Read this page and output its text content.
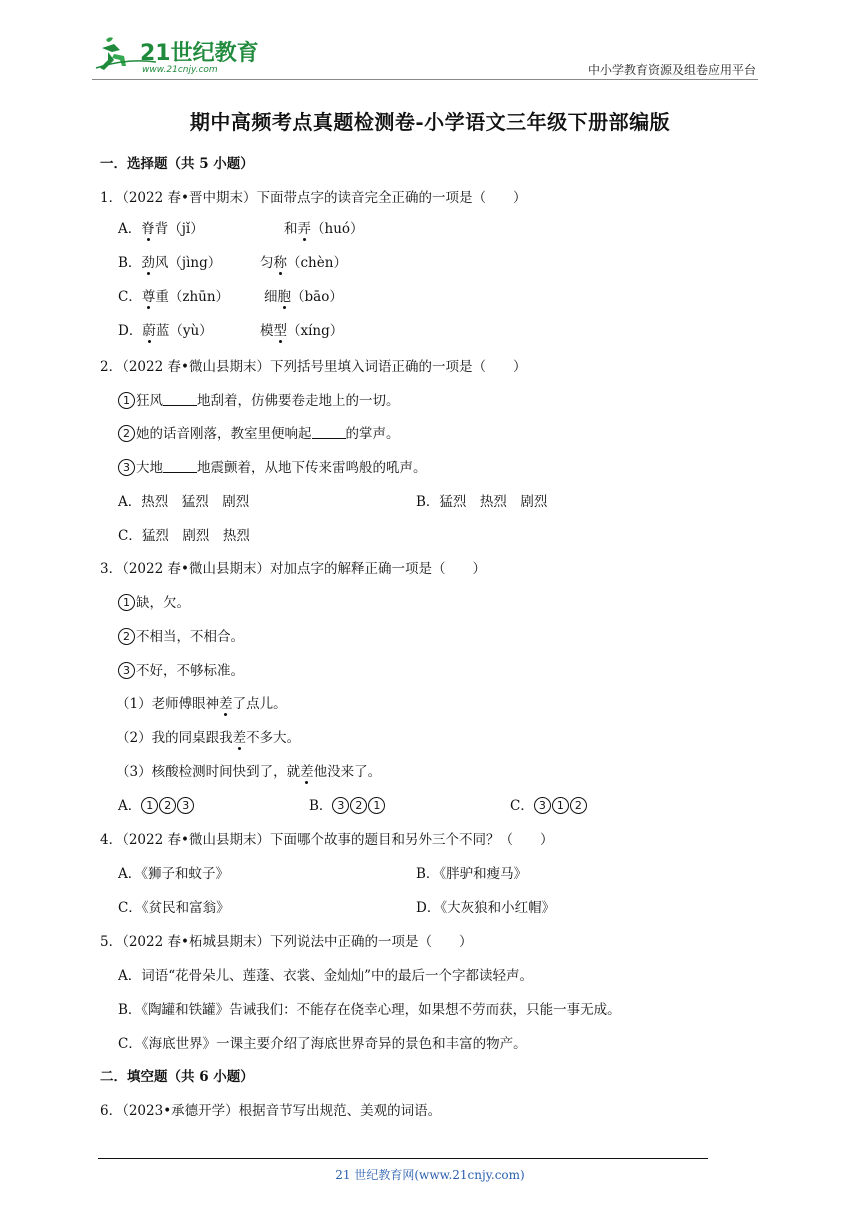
21世纪教育
www.21cnjy.com	中小学教育资源及组卷应用平台
期中高频考点真题检测卷-小学语文三年级下册部编版
一．选择题（共 5 小题）
1．（2022 春•晋中期末）下面带点字的读音完全正确的一项是（　　）
A．脊背（jǐ）	和弄（huó）
B．劲风（jìng）	匀称（chèn）
C．尊重（zhūn）	细胞（bāo）
D．蔚蓝（yù）	模型（xíng）
2．（2022 春•微山县期末）下列括号里填入词语正确的一项是（　　）
1 狂风	地刮着，仿佛要卷走地上的一切。
2 她的话音刚落，教室里便响起	的掌声。
3 大地	地震颤着，从地下传来雷鸣般的吼声。
A．热烈　猛烈　剧烈	B．猛烈　热烈　剧烈
C．猛烈　剧烈　热烈
3．（2022 春•微山县期末）对加点字的解释正确一项是（　　）
1 缺，欠。
2 不相当，不相合。
3 不好，不够标准。
（1）老师傅眼神差了点儿。
（2）我的同桌跟我差不多大。
（3）核酸检测时间快到了，就差他没来了。
A． 1 2 3	B． 3 2 1	C． 3 1 2
4．（2022 春•微山县期末）下面哪个故事的题目和另外三个不同？（　　）
A．《狮子和蚊子》	B．《胖驴和瘦马》
C．《贫民和富翁》	D．《大灰狼和小红帽》
5．（2022 春•柘城县期末）下列说法中正确的一项是（　　）
A．词语“花骨朵儿、莲蓬、衣裳、金灿灿”中的最后一个字都读轻声。
B．《陶罐和铁罐》告诫我们：不能存在侥幸心理，如果想不劳而获，只能一事无成。
C．《海底世界》一课主要介绍了海底世界奇异的景色和丰富的物产。
二．填空题（共 6 小题）
6．（2023•承德开学）根据音节写出规范、美观的词语。
21 世纪教育网(www.21cnjy.com)
